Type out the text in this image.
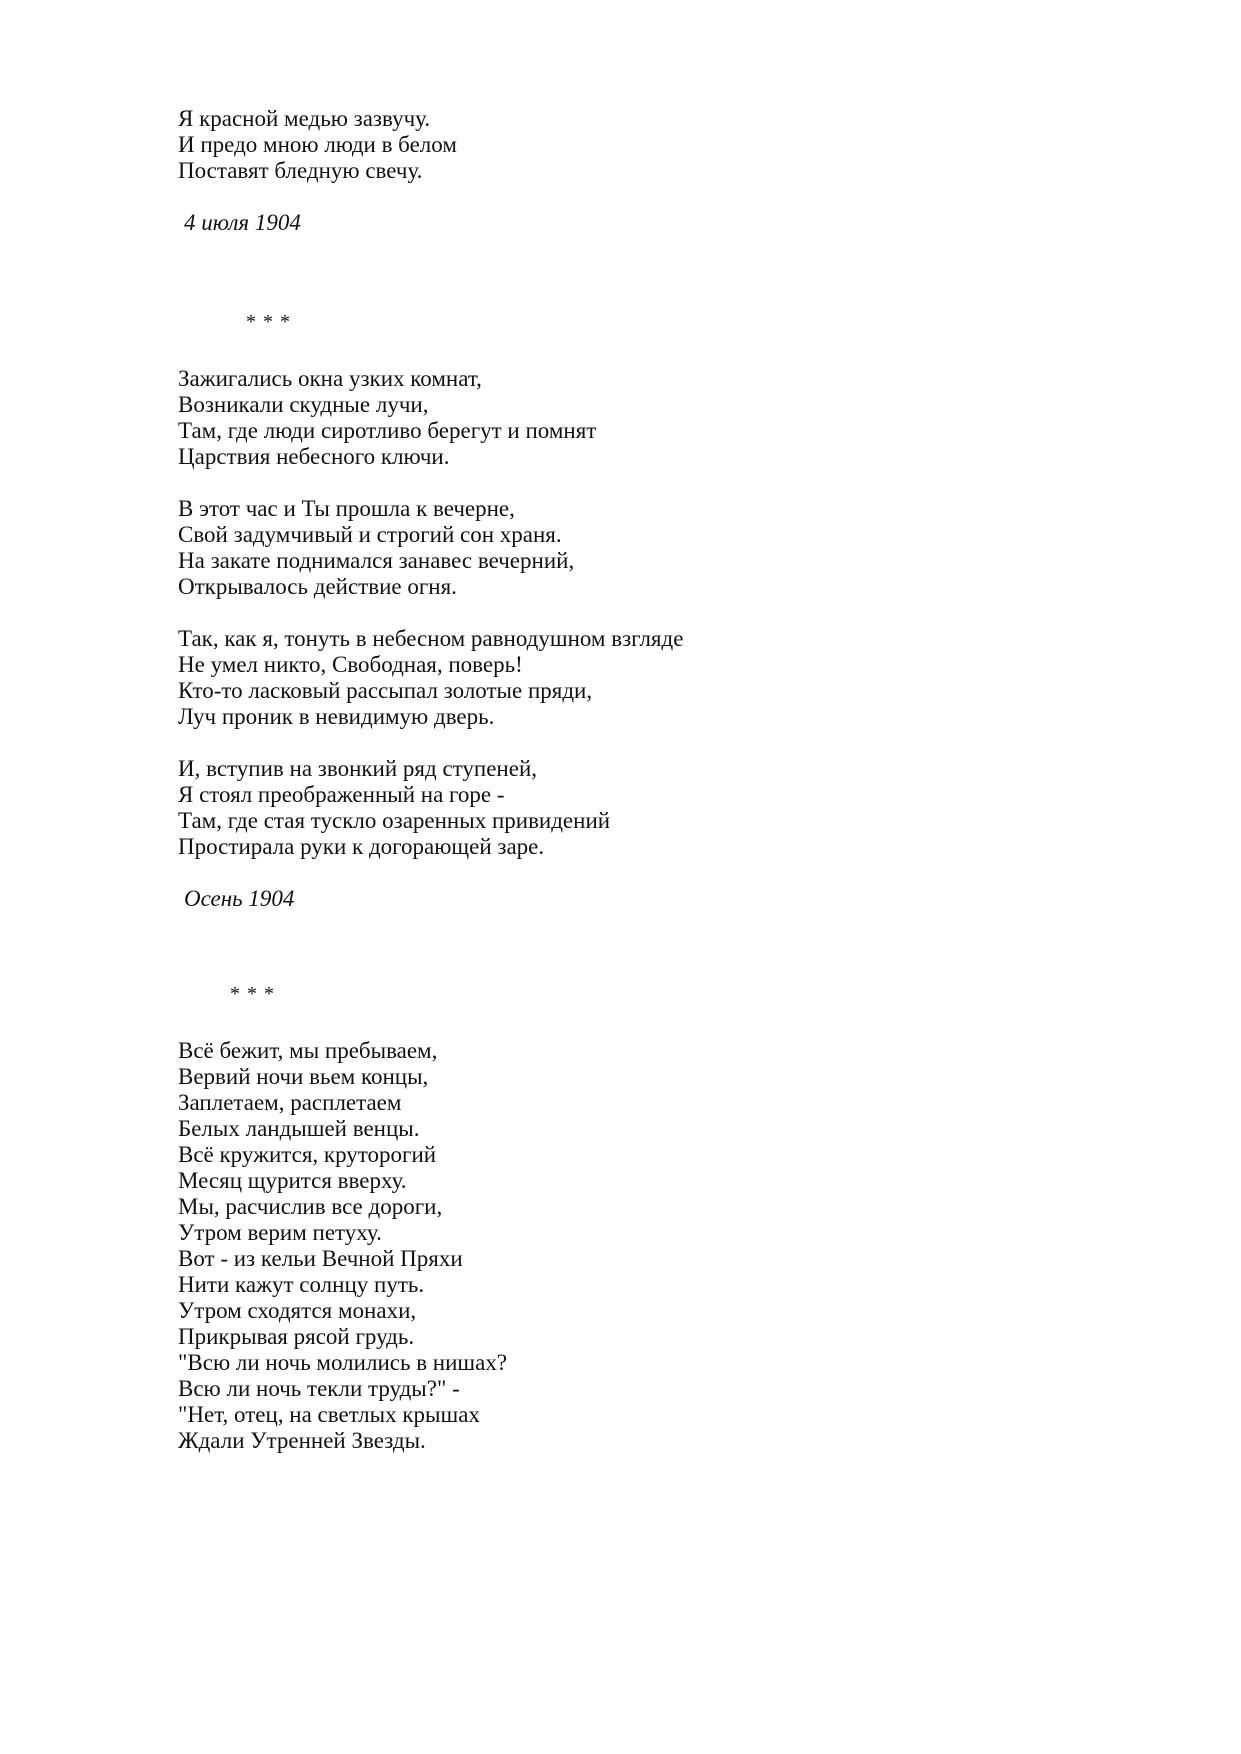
Я красной медью зазвучу.
И предо мною люди в белом
Поставят бледную свечу.
4 июля 1904
* * *
Зажигались окна узких комнат,
Возникали скудные лучи,
Там, где люди сиротливо берегут и помнят
Царствия небесного ключи.
В этот час и Ты прошла к вечерне,
Свой задумчивый и строгий сон храня.
На закате поднимался занавес вечерний,
Открывалось действие огня.
Так, как я, тонуть в небесном равнодушном взгляде
Не умел никто, Свободная, поверь!
Кто-то ласковый рассыпал золотые пряди,
Луч проник в невидимую дверь.
И, вступив на звонкий ряд ступеней,
Я стоял преображенный на горе -
Там, где стая тускло озаренных привидений
Простирала руки к догорающей заре.
Осень 1904
* * *
Всё бежит, мы пребываем,
Вервий ночи вьем концы,
Заплетаем, расплетаем
Белых ландышей венцы.
Всё кружится, круторогий
Месяц щурится вверху.
Мы, расчислив все дороги,
Утром верим петуху.
Вот - из кельи Вечной Пряхи
Нити кажут солнцу путь.
Утром сходятся монахи,
Прикрывая рясой грудь.
"Всю ли ночь молились в нишах?
Всю ли ночь текли труды?" -
"Нет, отец, на светлых крышах
Ждали Утренней Звезды.
